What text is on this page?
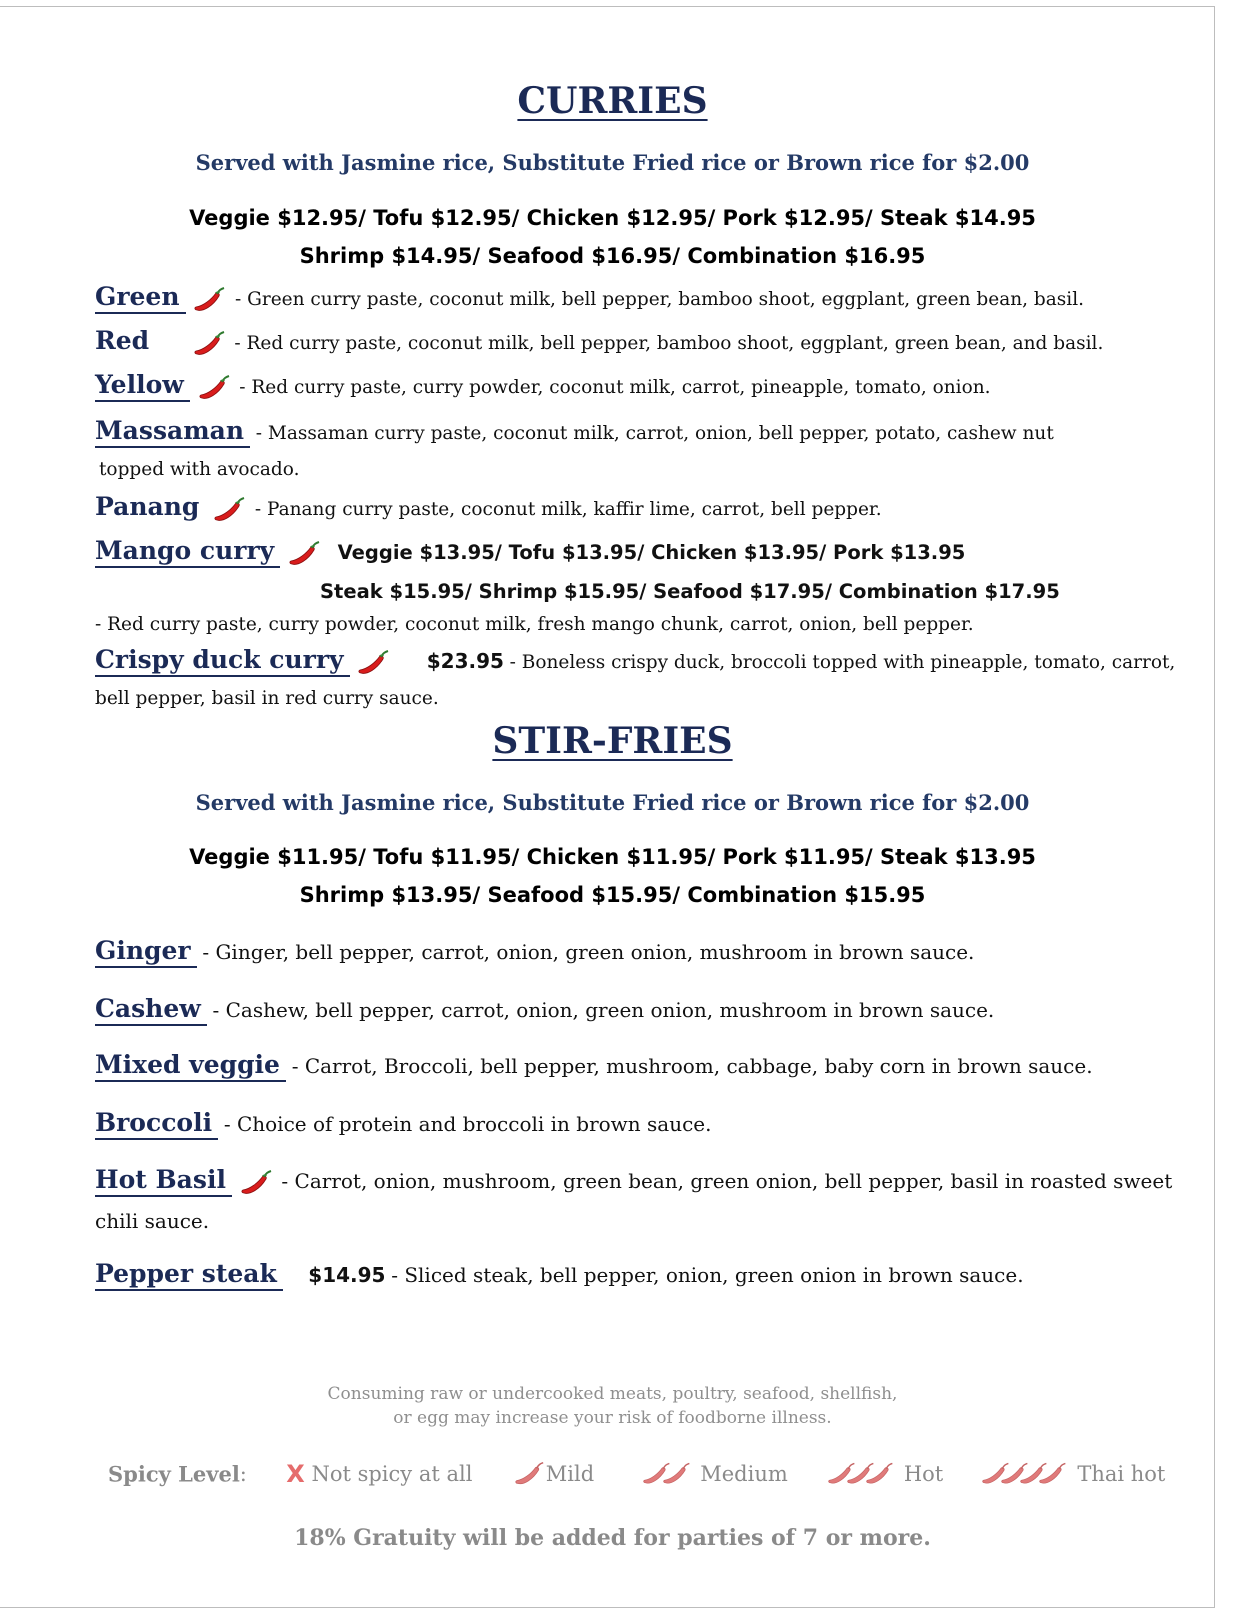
CURRIES
Served with Jasmine rice, Substitute Fried rice or Brown rice for $2.00
Veggie $12.95/ Tofu $12.95/ Chicken $12.95/ Pork $12.95/ Steak $14.95
Shrimp $14.95/ Seafood $16.95/ Combination $16.95
Green	- Green curry paste, coconut milk, bell pepper, bamboo shoot, eggplant, green bean, basil.
Red	- Red curry paste, coconut milk, bell pepper, bamboo shoot, eggplant, green bean, and basil.
Yellow	- Red curry paste, curry powder, coconut milk, carrot, pineapple, tomato, onion.
Massaman - Massaman curry paste, coconut milk, carrot, onion, bell pepper, potato, cashew nut
topped with avocado.
Panang	- Panang curry paste, coconut milk, kaffir lime, carrot, bell pepper.
Mango curry	Veggie $13.95/ Tofu $13.95/ Chicken $13.95/ Pork $13.95
Steak $15.95/ Shrimp $15.95/ Seafood $17.95/ Combination $17.95
- Red curry paste, curry powder, coconut milk, fresh mango chunk, carrot, onion, bell pepper.
Crispy duck curry	$23.95 - Boneless crispy duck, broccoli topped with pineapple, tomato, carrot,
bell pepper, basil in red curry sauce.
STIR-FRIES
Served with Jasmine rice, Substitute Fried rice or Brown rice for $2.00
Veggie $11.95/ Tofu $11.95/ Chicken $11.95/ Pork $11.95/ Steak $13.95
Shrimp $13.95/ Seafood $15.95/ Combination $15.95
Ginger - Ginger, bell pepper, carrot, onion, green onion, mushroom in brown sauce.
Cashew - Cashew, bell pepper, carrot, onion, green onion, mushroom in brown sauce.
Mixed veggie - Carrot, Broccoli, bell pepper, mushroom, cabbage, baby corn in brown sauce.
Broccoli - Choice of protein and broccoli in brown sauce.
Hot Basil	- Carrot, onion, mushroom, green bean, green onion, bell pepper, basil in roasted sweet
chili sauce.
Pepper steak $14.95 - Sliced steak, bell pepper, onion, green onion in brown sauce.
Consuming raw or undercooked meats, poultry, seafood, shellfish,
or egg may increase your risk of foodborne illness.
Spicy Level: X Not spicy at all	Mild	Medium	Hot	Thai hot
18% Gratuity will be added for parties of 7 or more.
